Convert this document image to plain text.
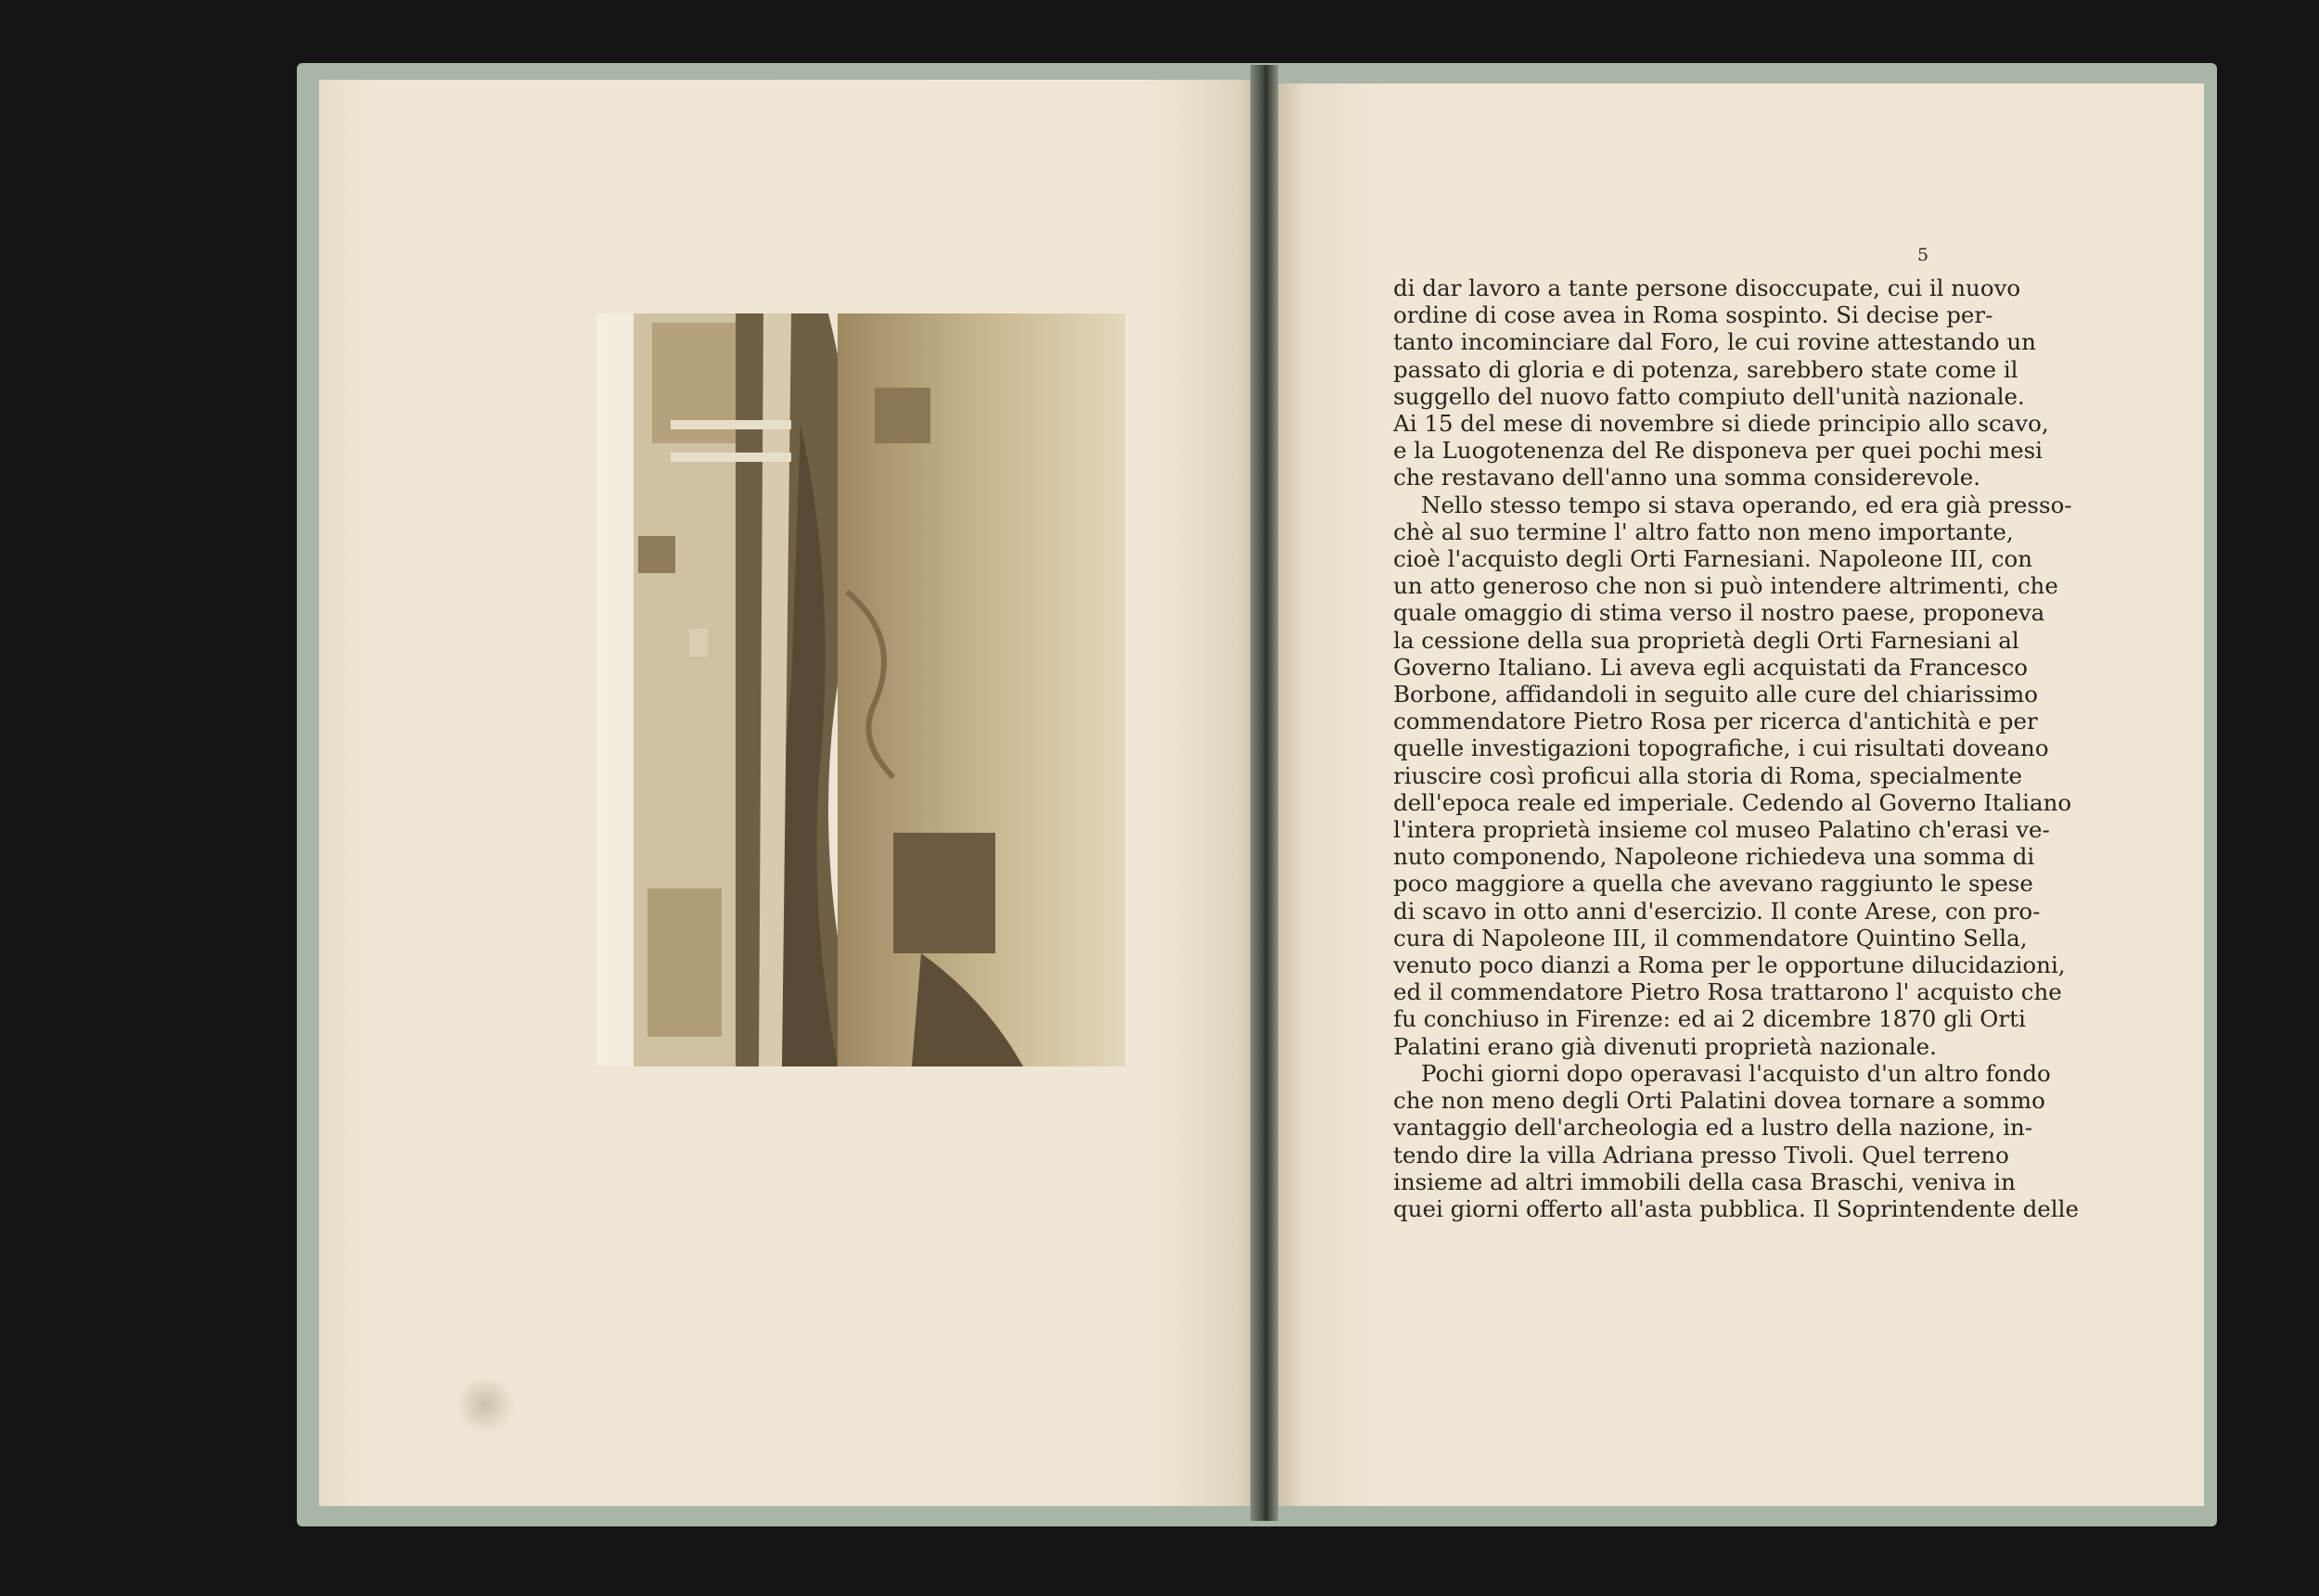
5
di dar lavoro a tante persone disoccupate, cui il nuovo
ordine di cose avea in Roma sospinto. Si decise per-
tanto incominciare dal Foro, le cui rovine attestando un
passato di gloria e di potenza, sarebbero state come il
suggello del nuovo fatto compiuto dell'unità nazionale.
Ai 15 del mese di novembre si diede principio allo scavo,
e la Luogotenenza del Re disponeva per quei pochi mesi
che restavano dell'anno una somma considerevole.
Nello stesso tempo si stava operando, ed era già presso-
chè al suo termine l' altro fatto non meno importante,
cioè l'acquisto degli Orti Farnesiani. Napoleone III, con
un atto generoso che non si può intendere altrimenti, che
quale omaggio di stima verso il nostro paese, proponeva
la cessione della sua proprietà degli Orti Farnesiani al
Governo Italiano. Li aveva egli acquistati da Francesco
Borbone, affidandoli in seguito alle cure del chiarissimo
commendatore Pietro Rosa per ricerca d'antichità e per
quelle investigazioni topografiche, i cui risultati doveano
riuscire così proficui alla storia di Roma, specialmente
dell'epoca reale ed imperiale. Cedendo al Governo Italiano
l'intera proprietà insieme col museo Palatino ch'erasi ve-
nuto componendo, Napoleone richiedeva una somma di
poco maggiore a quella che avevano raggiunto le spese
di scavo in otto anni d'esercizio. Il conte Arese, con pro-
cura di Napoleone III, il commendatore Quintino Sella,
venuto poco dianzi a Roma per le opportune dilucidazioni,
ed il commendatore Pietro Rosa trattarono l' acquisto che
fu conchiuso in Firenze: ed ai 2 dicembre 1870 gli Orti
Palatini erano già divenuti proprietà nazionale.
Pochi giorni dopo operavasi l'acquisto d'un altro fondo
che non meno degli Orti Palatini dovea tornare a sommo
vantaggio dell'archeologia ed a lustro della nazione, in-
tendo dire la villa Adriana presso Tivoli. Quel terreno
insieme ad altri immobili della casa Braschi, veniva in
quei giorni offerto all'asta pubblica. Il Soprintendente delle
